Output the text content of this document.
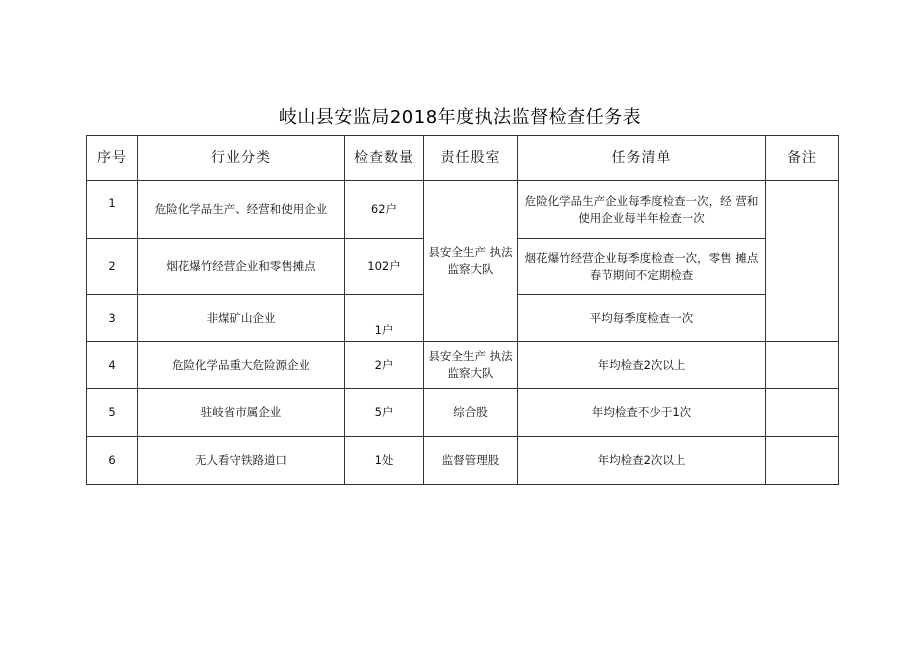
岐山县安监局2018年度执法监督检查任务表
序号	行业分类	检查数量	责任股室	任务清单	备注
1	危险化学品生产、经营和使用企业	62户	县安全生产 执法监察大队	危险化学品生产企业每季度检查一次，经 营和使用企业每半年检查一次	
2	烟花爆竹经营企业和零售摊点	102户		烟花爆竹经营企业每季度检查一次，零售 摊点春节期间不定期检查	
3	非煤矿山企业	1户		平均每季度检查一次	
4	危险化学品重大危险源企业	2户	县安全生产 执法监察大队	年均检查2次以上	
5	驻岐省市属企业	5户	综合股	年均检查不少于1次	
6	无人看守铁路道口	1处	监督管理股	年均检查2次以上	
